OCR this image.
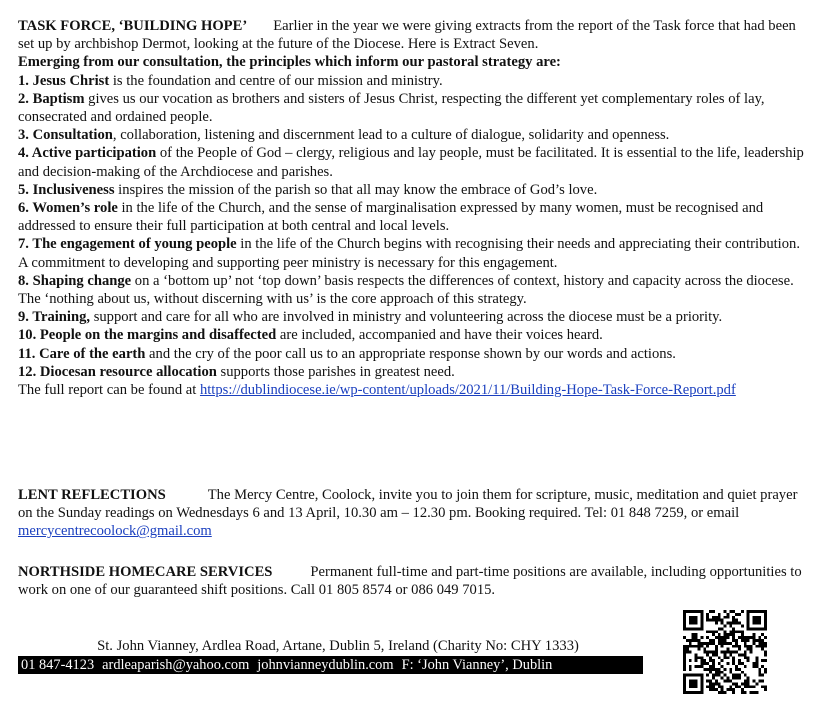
TASK FORCE, ‘BUILDING HOPE’ Earlier in the year we were giving extracts from the report of the Task force that had been set up by archbishop Dermot, looking at the future of the Diocese. Here is Extract Seven.

Emerging from our consultation, the principles which inform our pastoral strategy are:

1. Jesus Christ is the foundation and centre of our mission and ministry.

2. Baptism gives us our vocation as brothers and sisters of Jesus Christ, respecting the different yet complementary roles of lay, consecrated and ordained people.

3. Consultation, collaboration, listening and discernment lead to a culture of dialogue, solidarity and openness.

4. Active participation of the People of God – clergy, religious and lay people, must be facilitated. It is essential to the life, leadership and decision-making of the Archdiocese and parishes.

5. Inclusiveness inspires the mission of the parish so that all may know the embrace of God’s love.

6. Women’s role in the life of the Church, and the sense of marginalisation expressed by many women, must be recognised and addressed to ensure their full participation at both central and local levels.

7. The engagement of young people in the life of the Church begins with recognising their needs and appreciating their contribution. A commitment to developing and supporting peer ministry is necessary for this engagement.

8. Shaping change on a ‘bottom up’ not ‘top down’ basis respects the differences of context, history and capacity across the diocese. The ‘nothing about us, without discerning with us’ is the core approach of this strategy.

9. Training, support and care for all who are involved in ministry and volunteering across the diocese must be a priority.

10. People on the margins and disaffected are included, accompanied and have their voices heard.

11. Care of the earth and the cry of the poor call us to an appropriate response shown by our words and actions.

12. Diocesan resource allocation supports those parishes in greatest need.

The full report can be found at https://dublindiocese.ie/wp-content/uploads/2021/11/Building-Hope-Task-Force-Report.pdf

LENT REFLECTIONS	The Mercy Centre, Coolock, invite you to join them for scripture, music, meditation and quiet prayer on the Sunday readings on Wednesdays 6 and 13 April, 10.30 am – 12.30 pm. Booking required. Tel: 01 848 7259, or email mercycentrecoolock@gmail.com

NORTHSIDE HOMECARE SERVICES	Permanent full-time and part-time positions are available, including opportunities to work on one of our guaranteed shift positions. Call 01 805 8574 or 086 049 7015.

St. John Vianney, Ardlea Road, Artane, Dublin 5, Ireland (Charity No: CHY 1333)
01 847-4123 ardleaparish@yahoo.com johnvianneydublin.com F: ‘John Vianney’, Dublin
